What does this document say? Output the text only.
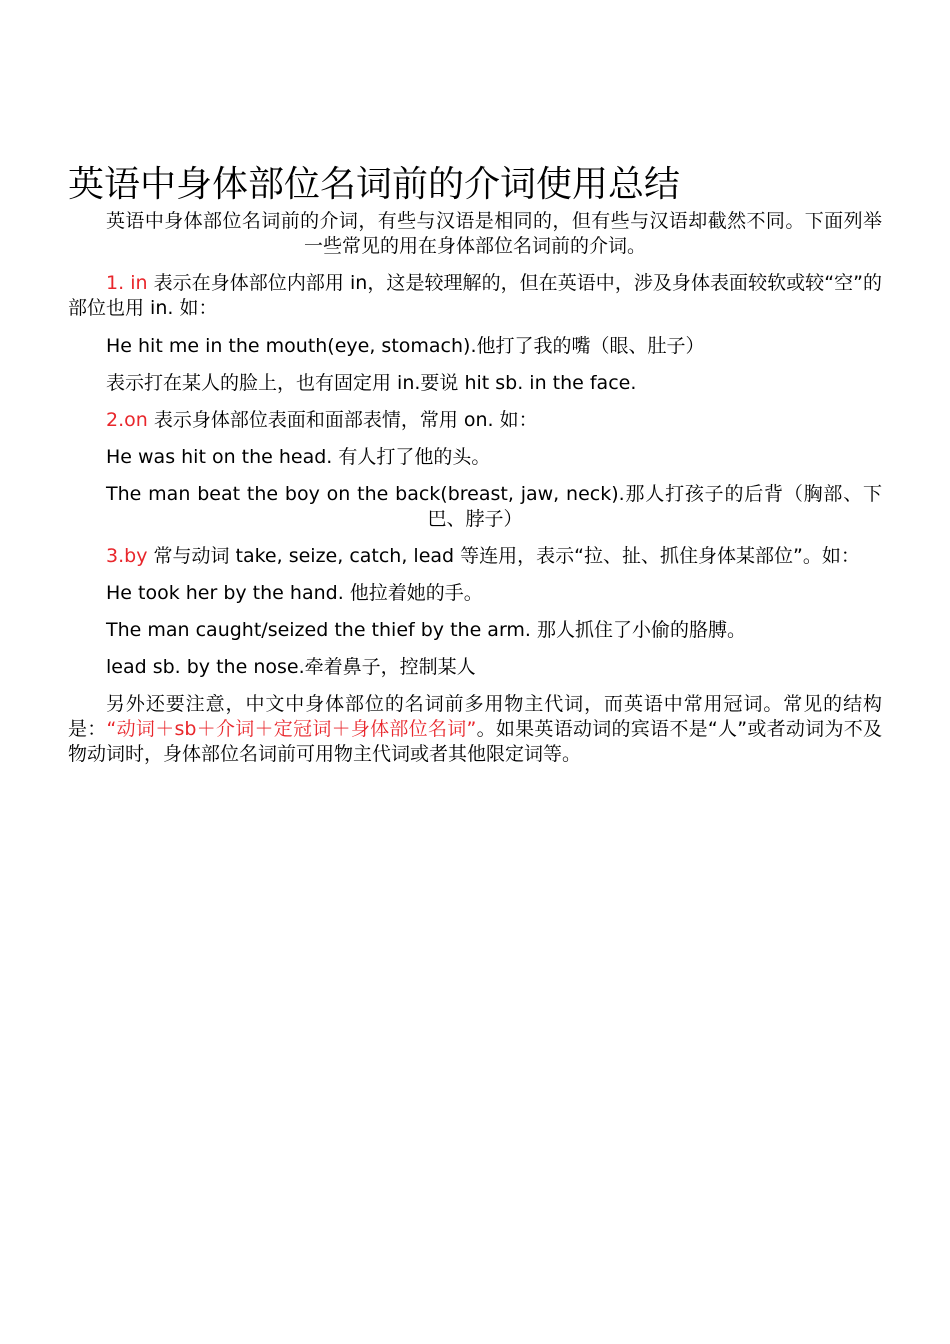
英语中身体部位名词前的介词使用总结

英语中身体部位名词前的介词，有些与汉语是相同的，但有些与汉语却截然不同。下面列举一些常见的用在身体部位名词前的介词。

1. in 表示在身体部位内部用 in，这是较理解的，但在英语中，涉及身体表面较软或较“空”的部位也用 in. 如：

He hit me in the mouth(eye, stomach).他打了我的嘴（眼、肚子）

表示打在某人的脸上，也有固定用 in.要说 hit sb. in the face.

2.on 表示身体部位表面和面部表情，常用 on. 如：

He was hit on the head. 有人打了他的头。

The man beat the boy on the back(breast, jaw, neck).那人打孩子的后背（胸部、下巴、脖子）

3.by 常与动词 take, seize, catch, lead 等连用，表示“拉、扯、抓住身体某部位”。如：

He took her by the hand. 他拉着她的手。

The man caught/seized the thief by the arm. 那人抓住了小偷的胳膊。

lead sb. by the nose.牵着鼻子，控制某人

另外还要注意，中文中身体部位的名词前多用物主代词，而英语中常用冠词。常见的结构是：“动词＋sb＋介词＋定冠词＋身体部位名词”。如果英语动词的宾语不是“人”或者动词为不及物动词时，身体部位名词前可用物主代词或者其他限定词等。
